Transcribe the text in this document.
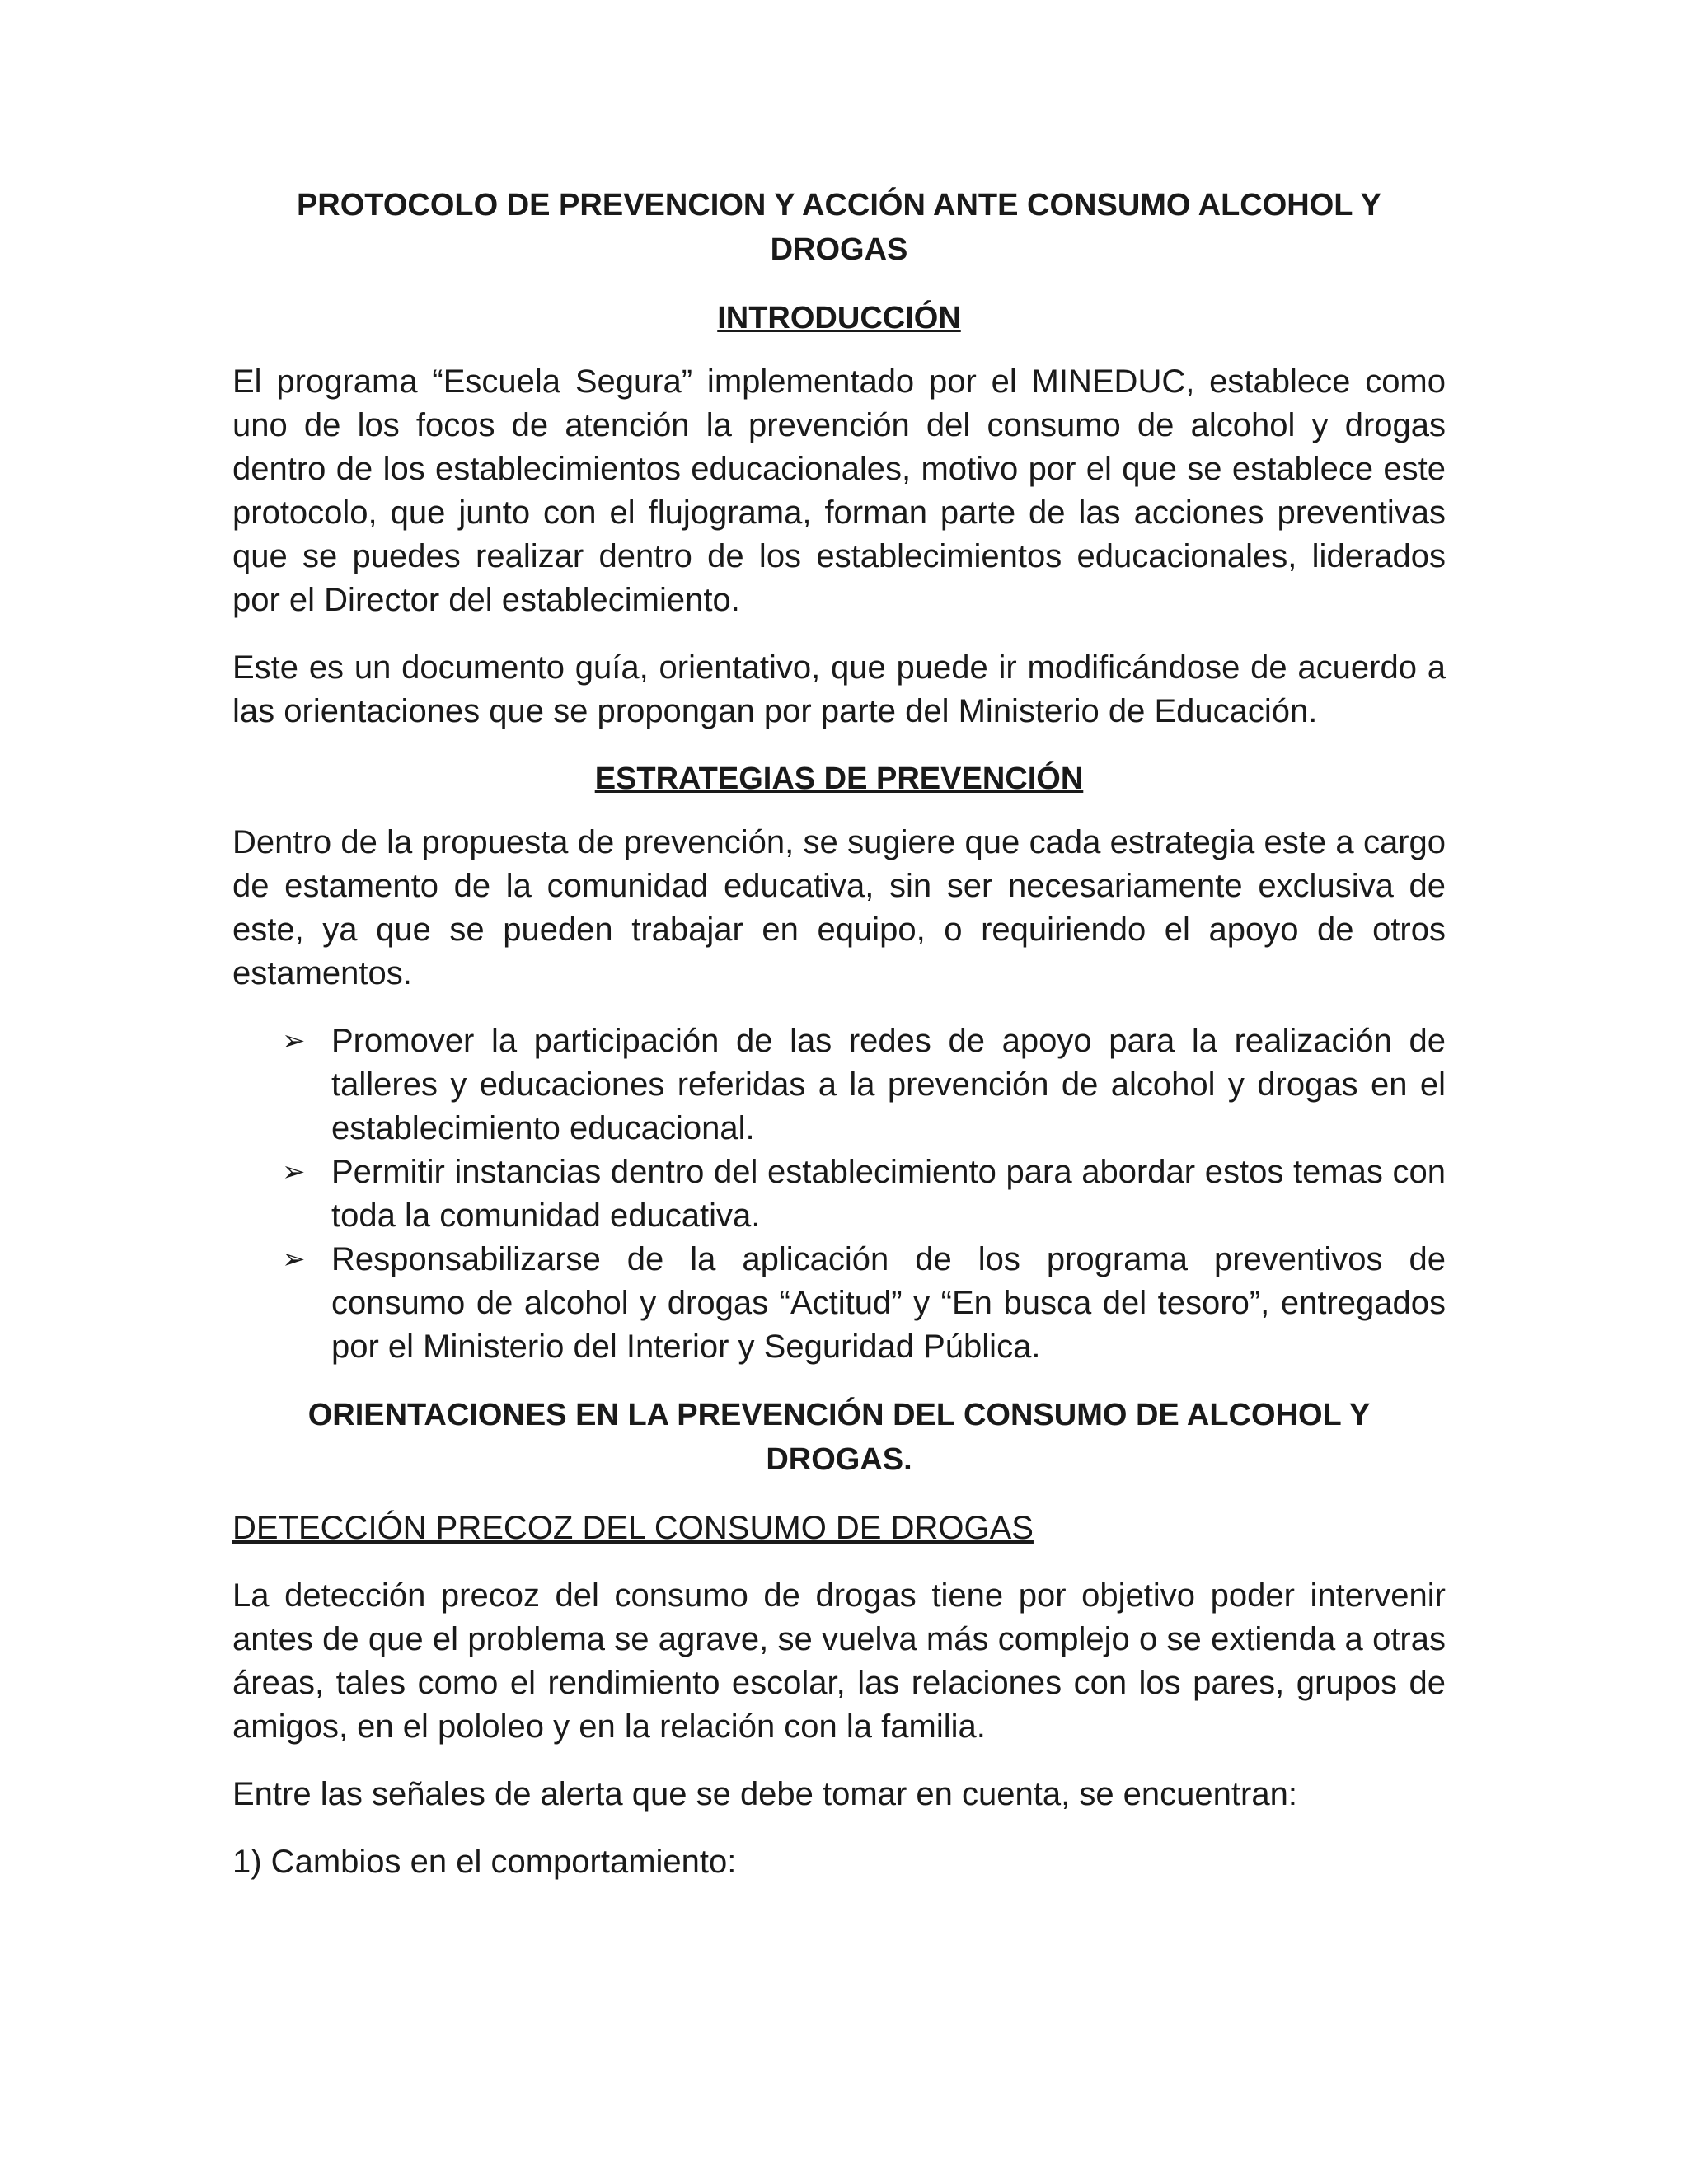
PROTOCOLO DE PREVENCION Y ACCIÓN ANTE CONSUMO ALCOHOL Y DROGAS
INTRODUCCIÓN

El programa “Escuela Segura” implementado por el MINEDUC, establece como uno de los focos de atención la prevención del consumo de alcohol y drogas dentro de los establecimientos educacionales, motivo por el que se establece este protocolo, que junto con el flujograma, forman parte de las acciones preventivas que se puedes realizar dentro de los establecimientos educacionales, liderados por el Director del establecimiento.

Este es un documento guía, orientativo, que puede ir modificándose de acuerdo a las orientaciones que se propongan por parte del Ministerio de Educación.

ESTRATEGIAS DE PREVENCIÓN

Dentro de la propuesta de prevención, se sugiere que cada estrategia este a cargo de estamento de la comunidad educativa, sin ser necesariamente exclusiva de este, ya que se pueden trabajar en equipo, o requiriendo el apoyo de otros estamentos.

➢ Promover la participación de las redes de apoyo para la realización de talleres y educaciones referidas a la prevención de alcohol y drogas en el establecimiento educacional.
➢ Permitir instancias dentro del establecimiento para abordar estos temas con toda la comunidad educativa.
➢ Responsabilizarse de la aplicación de los programa preventivos de consumo de alcohol y drogas “Actitud” y “En busca del tesoro”, entregados por el Ministerio del Interior y Seguridad Pública.
ORIENTACIONES EN LA PREVENCIÓN DEL CONSUMO DE ALCOHOL Y DROGAS.
DETECCIÓN PRECOZ DEL CONSUMO DE DROGAS

La detección precoz del consumo de drogas tiene por objetivo poder intervenir antes de que el problema se agrave, se vuelva más complejo o se extienda a otras áreas, tales como el rendimiento escolar, las relaciones con los pares, grupos de amigos, en el pololeo y en la relación con la familia.

Entre las señales de alerta que se debe tomar en cuenta, se encuentran:

1) Cambios en el comportamiento:
